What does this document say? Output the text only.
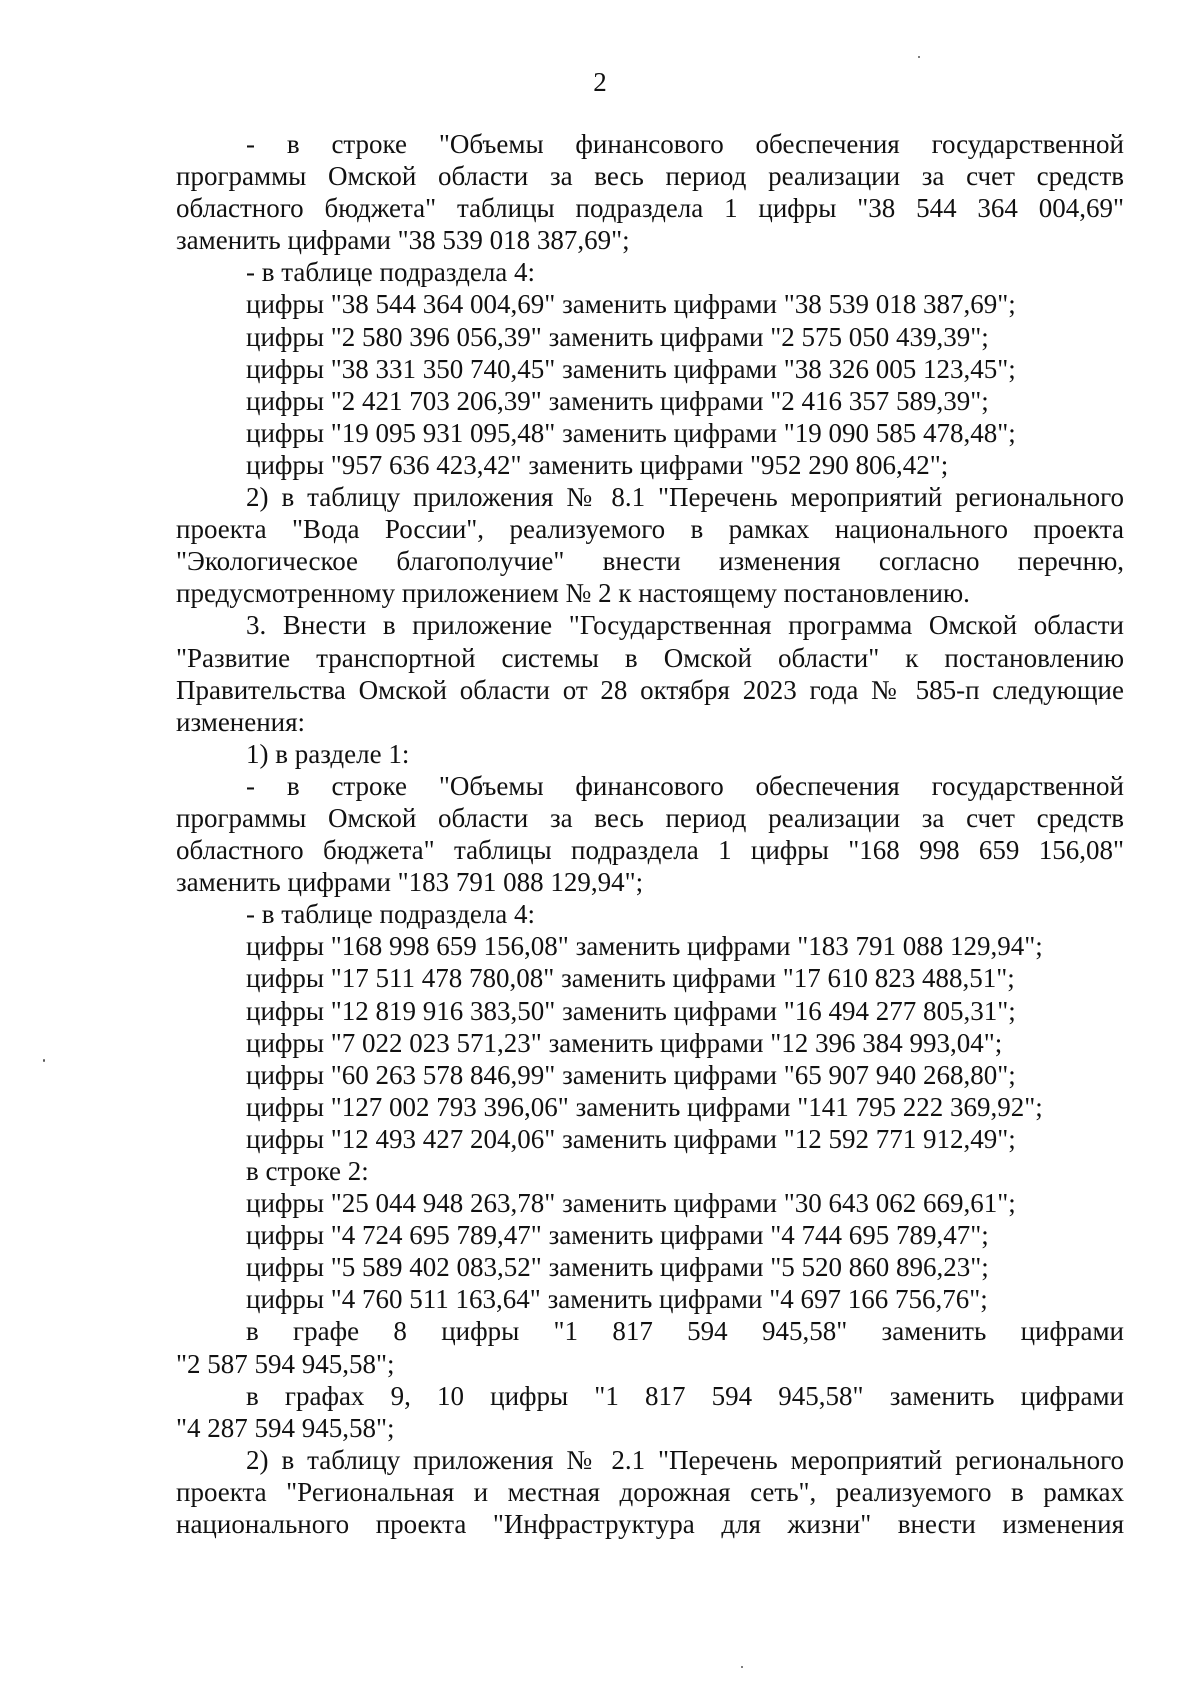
2
- в строке "Объемы финансового обеспечения государственной
программы Омской области за весь период реализации за счет средств
областного бюджета" таблицы подраздела 1 цифры "38 544 364 004,69"
заменить цифрами "38 539 018 387,69";
- в таблице подраздела 4:
цифры "38 544 364 004,69" заменить цифрами "38 539 018 387,69";
цифры "2 580 396 056,39" заменить цифрами "2 575 050 439,39";
цифры "38 331 350 740,45" заменить цифрами "38 326 005 123,45";
цифры "2 421 703 206,39" заменить цифрами "2 416 357 589,39";
цифры "19 095 931 095,48" заменить цифрами "19 090 585 478,48";
цифры "957 636 423,42" заменить цифрами "952 290 806,42";
2) в таблицу приложения № 8.1 "Перечень мероприятий регионального
проекта "Вода России", реализуемого в рамках национального проекта
"Экологическое благополучие" внести изменения согласно перечню,
предусмотренному приложением № 2 к настоящему постановлению.
3. Внести в приложение "Государственная программа Омской области
"Развитие транспортной системы в Омской области" к постановлению
Правительства Омской области от 28 октября 2023 года № 585-п следующие
изменения:
1) в разделе 1:
- в строке "Объемы финансового обеспечения государственной
программы Омской области за весь период реализации за счет средств
областного бюджета" таблицы подраздела 1 цифры "168 998 659 156,08"
заменить цифрами "183 791 088 129,94";
- в таблице подраздела 4:
цифры "168 998 659 156,08" заменить цифрами "183 791 088 129,94";
цифры "17 511 478 780,08" заменить цифрами "17 610 823 488,51";
цифры "12 819 916 383,50" заменить цифрами "16 494 277 805,31";
цифры "7 022 023 571,23" заменить цифрами "12 396 384 993,04";
цифры "60 263 578 846,99" заменить цифрами "65 907 940 268,80";
цифры "127 002 793 396,06" заменить цифрами "141 795 222 369,92";
цифры "12 493 427 204,06" заменить цифрами "12 592 771 912,49";
в строке 2:
цифры "25 044 948 263,78" заменить цифрами "30 643 062 669,61";
цифры "4 724 695 789,47" заменить цифрами "4 744 695 789,47";
цифры "5 589 402 083,52" заменить цифрами "5 520 860 896,23";
цифры "4 760 511 163,64" заменить цифрами "4 697 166 756,76";
в графе 8 цифры "1 817 594 945,58" заменить цифрами
"2 587 594 945,58";
в графах 9, 10 цифры "1 817 594 945,58" заменить цифрами
"4 287 594 945,58";
2) в таблицу приложения № 2.1 "Перечень мероприятий регионального
проекта "Региональная и местная дорожная сеть", реализуемого в рамках
национального проекта "Инфраструктура для жизни" внести изменения
